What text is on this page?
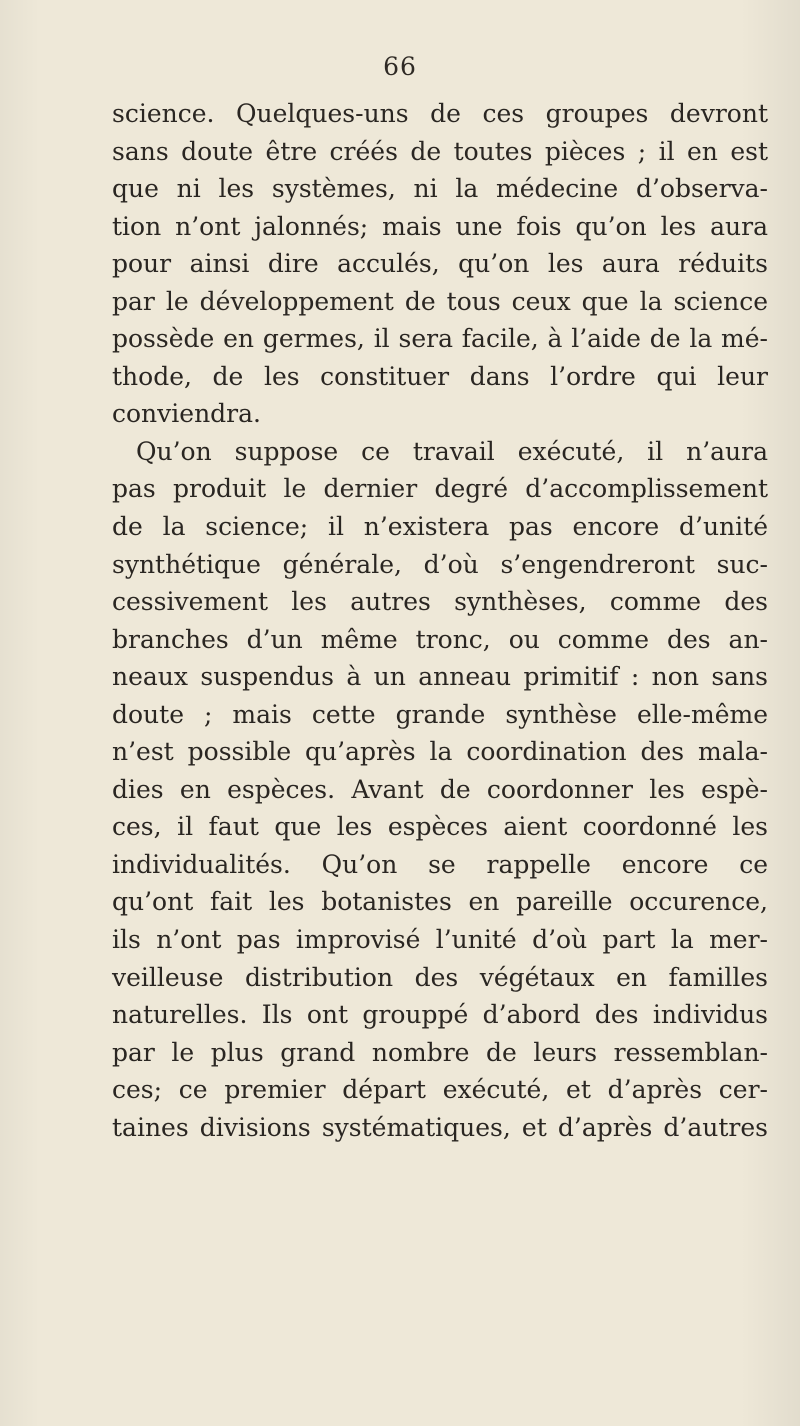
66
science. Quelques-uns de ces groupes devront
sans doute être créés de toutes pièces ; il en est
que ni les systèmes, ni la médecine d’observa-
tion n’ont jalonnés; mais une fois qu’on les aura
pour ainsi dire acculés, qu’on les aura réduits
par le développement de tous ceux que la science
possède en germes, il sera facile, à l’aide de la mé-
thode, de les constituer dans l’ordre qui leur
conviendra.
Qu’on suppose ce travail exécuté, il n’aura
pas produit le dernier degré d’accomplissement
de la science; il n’existera pas encore d’unité
synthétique générale, d’où s’engendreront suc-
cessivement les autres synthèses, comme des
branches d’un même tronc, ou comme des an-
neaux suspendus à un anneau primitif : non sans
doute ; mais cette grande synthèse elle-même
n’est possible qu’après la coordination des mala-
dies en espèces. Avant de coordonner les espè-
ces, il faut que les espèces aient coordonné les
individualités. Qu’on se rappelle encore ce
qu’ont fait les botanistes en pareille occurence,
ils n’ont pas improvisé l’unité d’où part la mer-
veilleuse distribution des végétaux en familles
naturelles. Ils ont grouppé d’abord des individus
par le plus grand nombre de leurs ressemblan-
ces; ce premier départ exécuté, et d’après cer-
taines divisions systématiques, et d’après d’autres
